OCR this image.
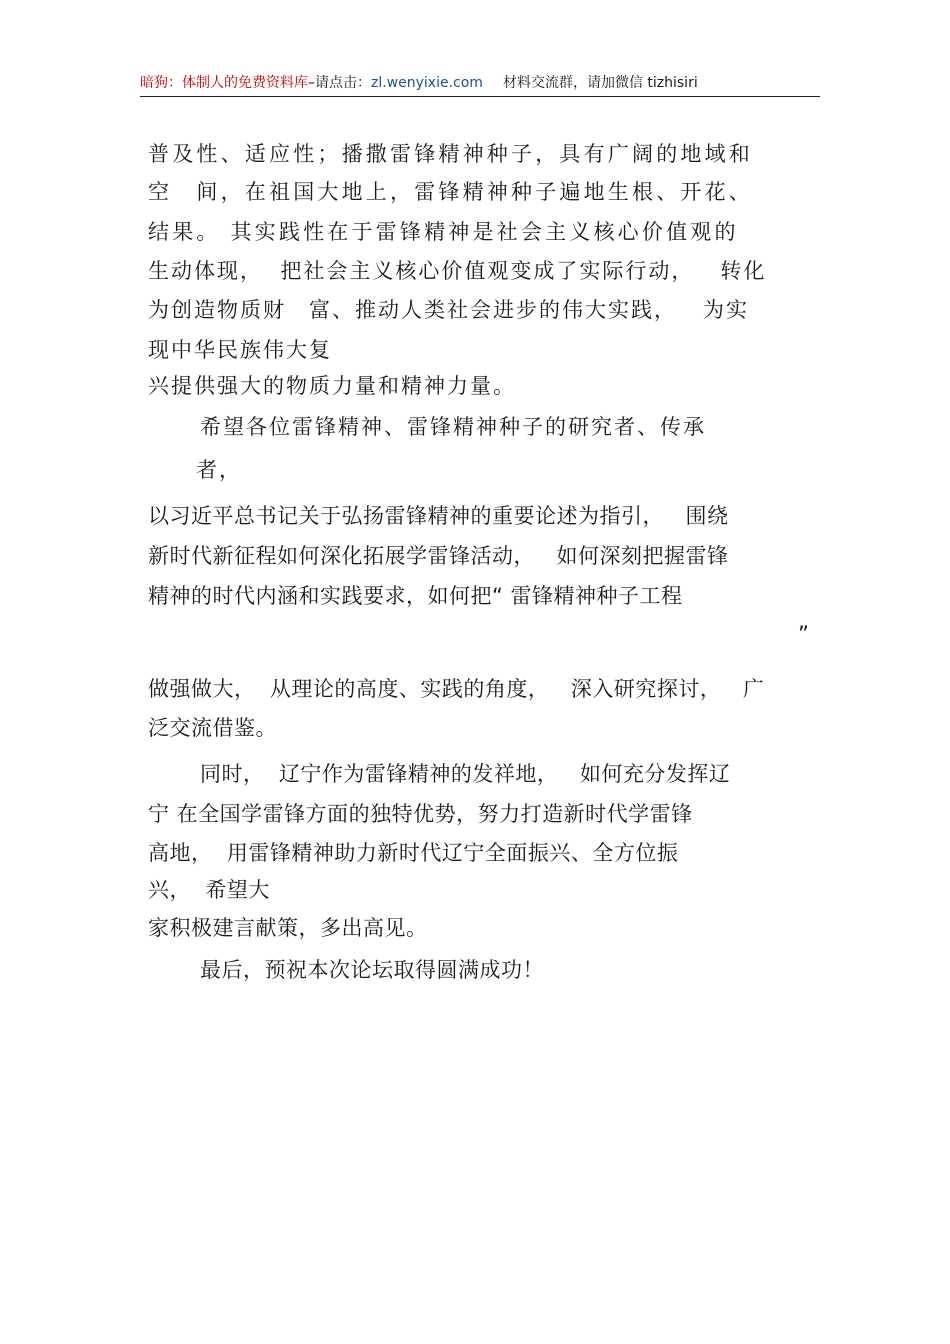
暗狗：体制人的免费资料库–请点击：zl.wenyixie.com 材料交流群，请加微信 tizhisiri
普及性、适应性；播撒雷锋精神种子，具有广阔的地域和
空　间，在祖国大地上，雷锋精神种子遍地生根、开花、
结果。 其实践性在于雷锋精神是社会主义核心价值观的
生动体现，  把社会主义核心价值观变成了实际行动，   转化
为创造物质财　富、推动人类社会进步的伟大实践，   为实
现中华民族伟大复
兴提供强大的物质力量和精神力量。
希望各位雷锋精神、雷锋精神种子的研究者、传承
者，
以习近平总书记关于弘扬雷锋精神的重要论述为指引，   围绕
新时代新征程如何深化拓展学雷锋活动，   如何深刻把握雷锋
精神的时代内涵和实践要求，如何把“ 雷锋精神种子工程
”
做强做大，  从理论的高度、实践的角度，   深入研究探讨，   广
泛交流借鉴。
同时，  辽宁作为雷锋精神的发祥地，   如何充分发挥辽
宁 在全国学雷锋方面的独特优势，努力打造新时代学雷锋
高地，  用雷锋精神助力新时代辽宁全面振兴、全方位振
兴，  希望大
家积极建言献策，多出高见。
最后，预祝本次论坛取得圆满成功！
